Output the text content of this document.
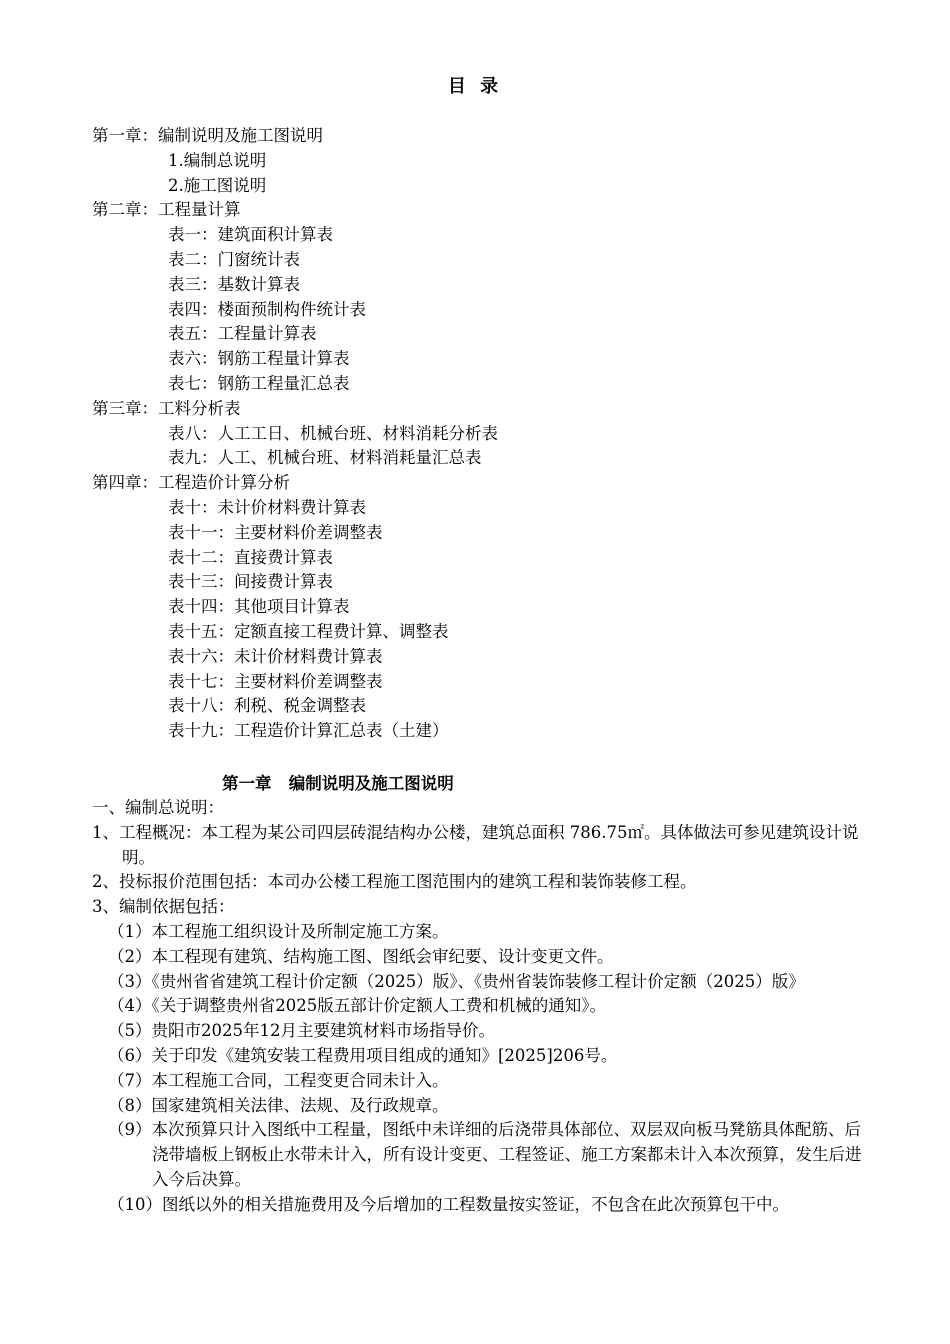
目 录
第一章：编制说明及施工图说明
1.编制总说明
2.施工图说明
第二章：工程量计算
表一：建筑面积计算表
表二：门窗统计表
表三：基数计算表
表四：楼面预制构件统计表
表五：工程量计算表
表六：钢筋工程量计算表
表七：钢筋工程量汇总表
第三章：工料分析表
表八：人工工日、机械台班、材料消耗分析表
表九：人工、机械台班、材料消耗量汇总表
第四章：工程造价计算分析
表十：未计价材料费计算表
表十一：主要材料价差调整表
表十二：直接费计算表
表十三：间接费计算表
表十四：其他项目计算表
表十五：定额直接工程费计算、调整表
表十六：未计价材料费计算表
表十七：主要材料价差调整表
表十八：利税、税金调整表
表十九：工程造价计算汇总表（土建）
第一章   编制说明及施工图说明

一、编制总说明：

1、工程概况：本工程为某公司四层砖混结构办公楼，建筑总面积 786.75㎡。具体做法可参见建筑设计说明。

2、投标报价范围包括：本司办公楼工程施工图范围内的建筑工程和装饰装修工程。

3、编制依据包括：

（1）本工程施工组织设计及所制定施工方案。

（2）本工程现有建筑、结构施工图、图纸会审纪要、设计变更文件。

（3）《贵州省省建筑工程计价定额（2025）版》、《贵州省装饰装修工程计价定额（2025）版》

（4）《关于调整贵州省2025版五部计价定额人工费和机械的通知》。

（5）贵阳市2025年12月主要建筑材料市场指导价。

（6）关于印发《建筑安装工程费用项目组成的通知》[2025]206号。

（7）本工程施工合同，工程变更合同未计入。

（8）国家建筑相关法律、法规、及行政规章。

（9）本次预算只计入图纸中工程量，图纸中未详细的后浇带具体部位、双层双向板马凳筋具体配筋、后浇带墙板上钢板止水带未计入，所有设计变更、工程签证、施工方案都未计入本次预算，发生后进入今后决算。

（10）图纸以外的相关措施费用及今后增加的工程数量按实签证，不包含在此次预算包干中。
